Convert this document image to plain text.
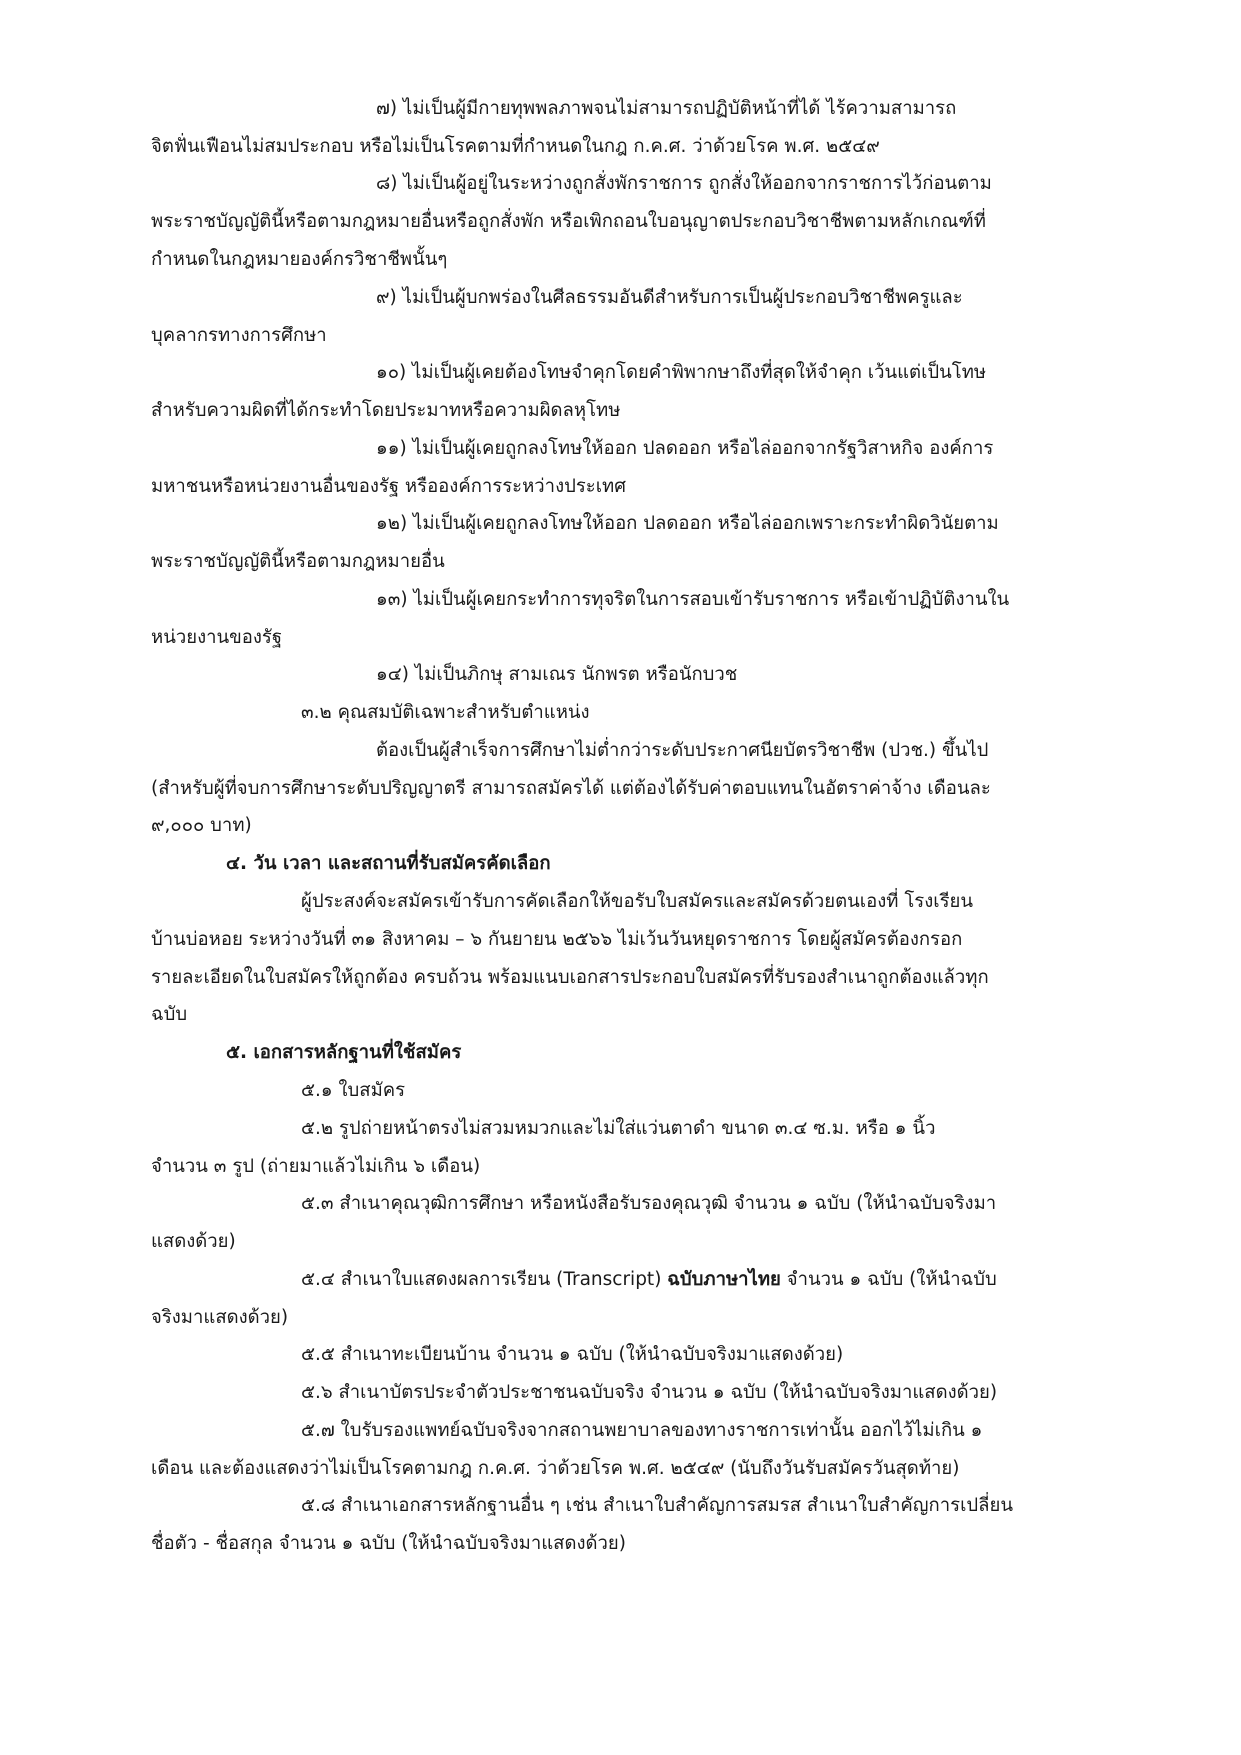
๗) ไม่เป็นผู้มีกายทุพพลภาพจนไม่สามารถปฏิบัติหน้าที่ได้ ไร้ความสามารถ
จิตฟั่นเฟือนไม่สมประกอบ หรือไม่เป็นโรคตามที่กำหนดในกฎ ก.ค.ศ. ว่าด้วยโรค พ.ศ. ๒๕๔๙
๘) ไม่เป็นผู้อยู่ในระหว่างถูกสั่งพักราชการ ถูกสั่งให้ออกจากราชการไว้ก่อนตาม
พระราชบัญญัตินี้หรือตามกฎหมายอื่นหรือถูกสั่งพัก หรือเพิกถอนใบอนุญาตประกอบวิชาชีพตามหลักเกณฑ์ที่
กำหนดในกฎหมายองค์กรวิชาชีพนั้นๆ
๙) ไม่เป็นผู้บกพร่องในศีลธรรมอันดีสำหรับการเป็นผู้ประกอบวิชาชีพครูและ
บุคลากรทางการศึกษา
๑๐) ไม่เป็นผู้เคยต้องโทษจำคุกโดยคำพิพากษาถึงที่สุดให้จำคุก เว้นแต่เป็นโทษ
สำหรับความผิดที่ได้กระทำโดยประมาทหรือความผิดลหุโทษ
๑๑) ไม่เป็นผู้เคยถูกลงโทษให้ออก ปลดออก หรือไล่ออกจากรัฐวิสาหกิจ องค์การ
มหาชนหรือหน่วยงานอื่นของรัฐ หรือองค์การระหว่างประเทศ
๑๒) ไม่เป็นผู้เคยถูกลงโทษให้ออก ปลดออก หรือไล่ออกเพราะกระทำผิดวินัยตาม
พระราชบัญญัตินี้หรือตามกฎหมายอื่น
๑๓) ไม่เป็นผู้เคยกระทำการทุจริตในการสอบเข้ารับราชการ หรือเข้าปฏิบัติงานใน
หน่วยงานของรัฐ
๑๔) ไม่เป็นภิกษุ สามเณร นักพรต หรือนักบวช
๓.๒ คุณสมบัติเฉพาะสำหรับตำแหน่ง
ต้องเป็นผู้สำเร็จการศึกษาไม่ต่ำกว่าระดับประกาศนียบัตรวิชาชีพ (ปวช.) ขึ้นไป
(สำหรับผู้ที่จบการศึกษาระดับปริญญาตรี สามารถสมัครได้ แต่ต้องได้รับค่าตอบแทนในอัตราค่าจ้าง เดือนละ
๙,๐๐๐ บาท)
๔. วัน เวลา และสถานที่รับสมัครคัดเลือก
ผู้ประสงค์จะสมัครเข้ารับการคัดเลือกให้ขอรับใบสมัครและสมัครด้วยตนเองที่ โรงเรียน
บ้านบ่อหอย ระหว่างวันที่ ๓๑ สิงหาคม – ๖ กันยายน ๒๕๖๖ ไม่เว้นวันหยุดราชการ โดยผู้สมัครต้องกรอก
รายละเอียดในใบสมัครให้ถูกต้อง ครบถ้วน พร้อมแนบเอกสารประกอบใบสมัครที่รับรองสำเนาถูกต้องแล้วทุก
ฉบับ
๕. เอกสารหลักฐานที่ใช้สมัคร
๕.๑ ใบสมัคร
๕.๒ รูปถ่ายหน้าตรงไม่สวมหมวกและไม่ใส่แว่นตาดำ ขนาด ๓.๔ ซ.ม. หรือ ๑ นิ้ว
จำนวน ๓ รูป (ถ่ายมาแล้วไม่เกิน ๖ เดือน)
๕.๓ สำเนาคุณวุฒิการศึกษา หรือหนังสือรับรองคุณวุฒิ จำนวน ๑ ฉบับ (ให้นำฉบับจริงมา
แสดงด้วย)
๕.๔ สำเนาใบแสดงผลการเรียน (Transcript) ฉบับภาษาไทย จำนวน ๑ ฉบับ (ให้นำฉบับ
จริงมาแสดงด้วย)
๕.๕ สำเนาทะเบียนบ้าน จำนวน ๑ ฉบับ (ให้นำฉบับจริงมาแสดงด้วย)
๕.๖ สำเนาบัตรประจำตัวประชาชนฉบับจริง จำนวน ๑ ฉบับ (ให้นำฉบับจริงมาแสดงด้วย)
๕.๗ ใบรับรองแพทย์ฉบับจริงจากสถานพยาบาลของทางราชการเท่านั้น ออกไว้ไม่เกิน ๑
เดือน และต้องแสดงว่าไม่เป็นโรคตามกฎ ก.ค.ศ. ว่าด้วยโรค พ.ศ. ๒๕๔๙ (นับถึงวันรับสมัครวันสุดท้าย)
๕.๘ สำเนาเอกสารหลักฐานอื่น ๆ เช่น สำเนาใบสำคัญการสมรส สำเนาใบสำคัญการเปลี่ยน
ชื่อตัว - ชื่อสกุล จำนวน ๑ ฉบับ (ให้นำฉบับจริงมาแสดงด้วย)
